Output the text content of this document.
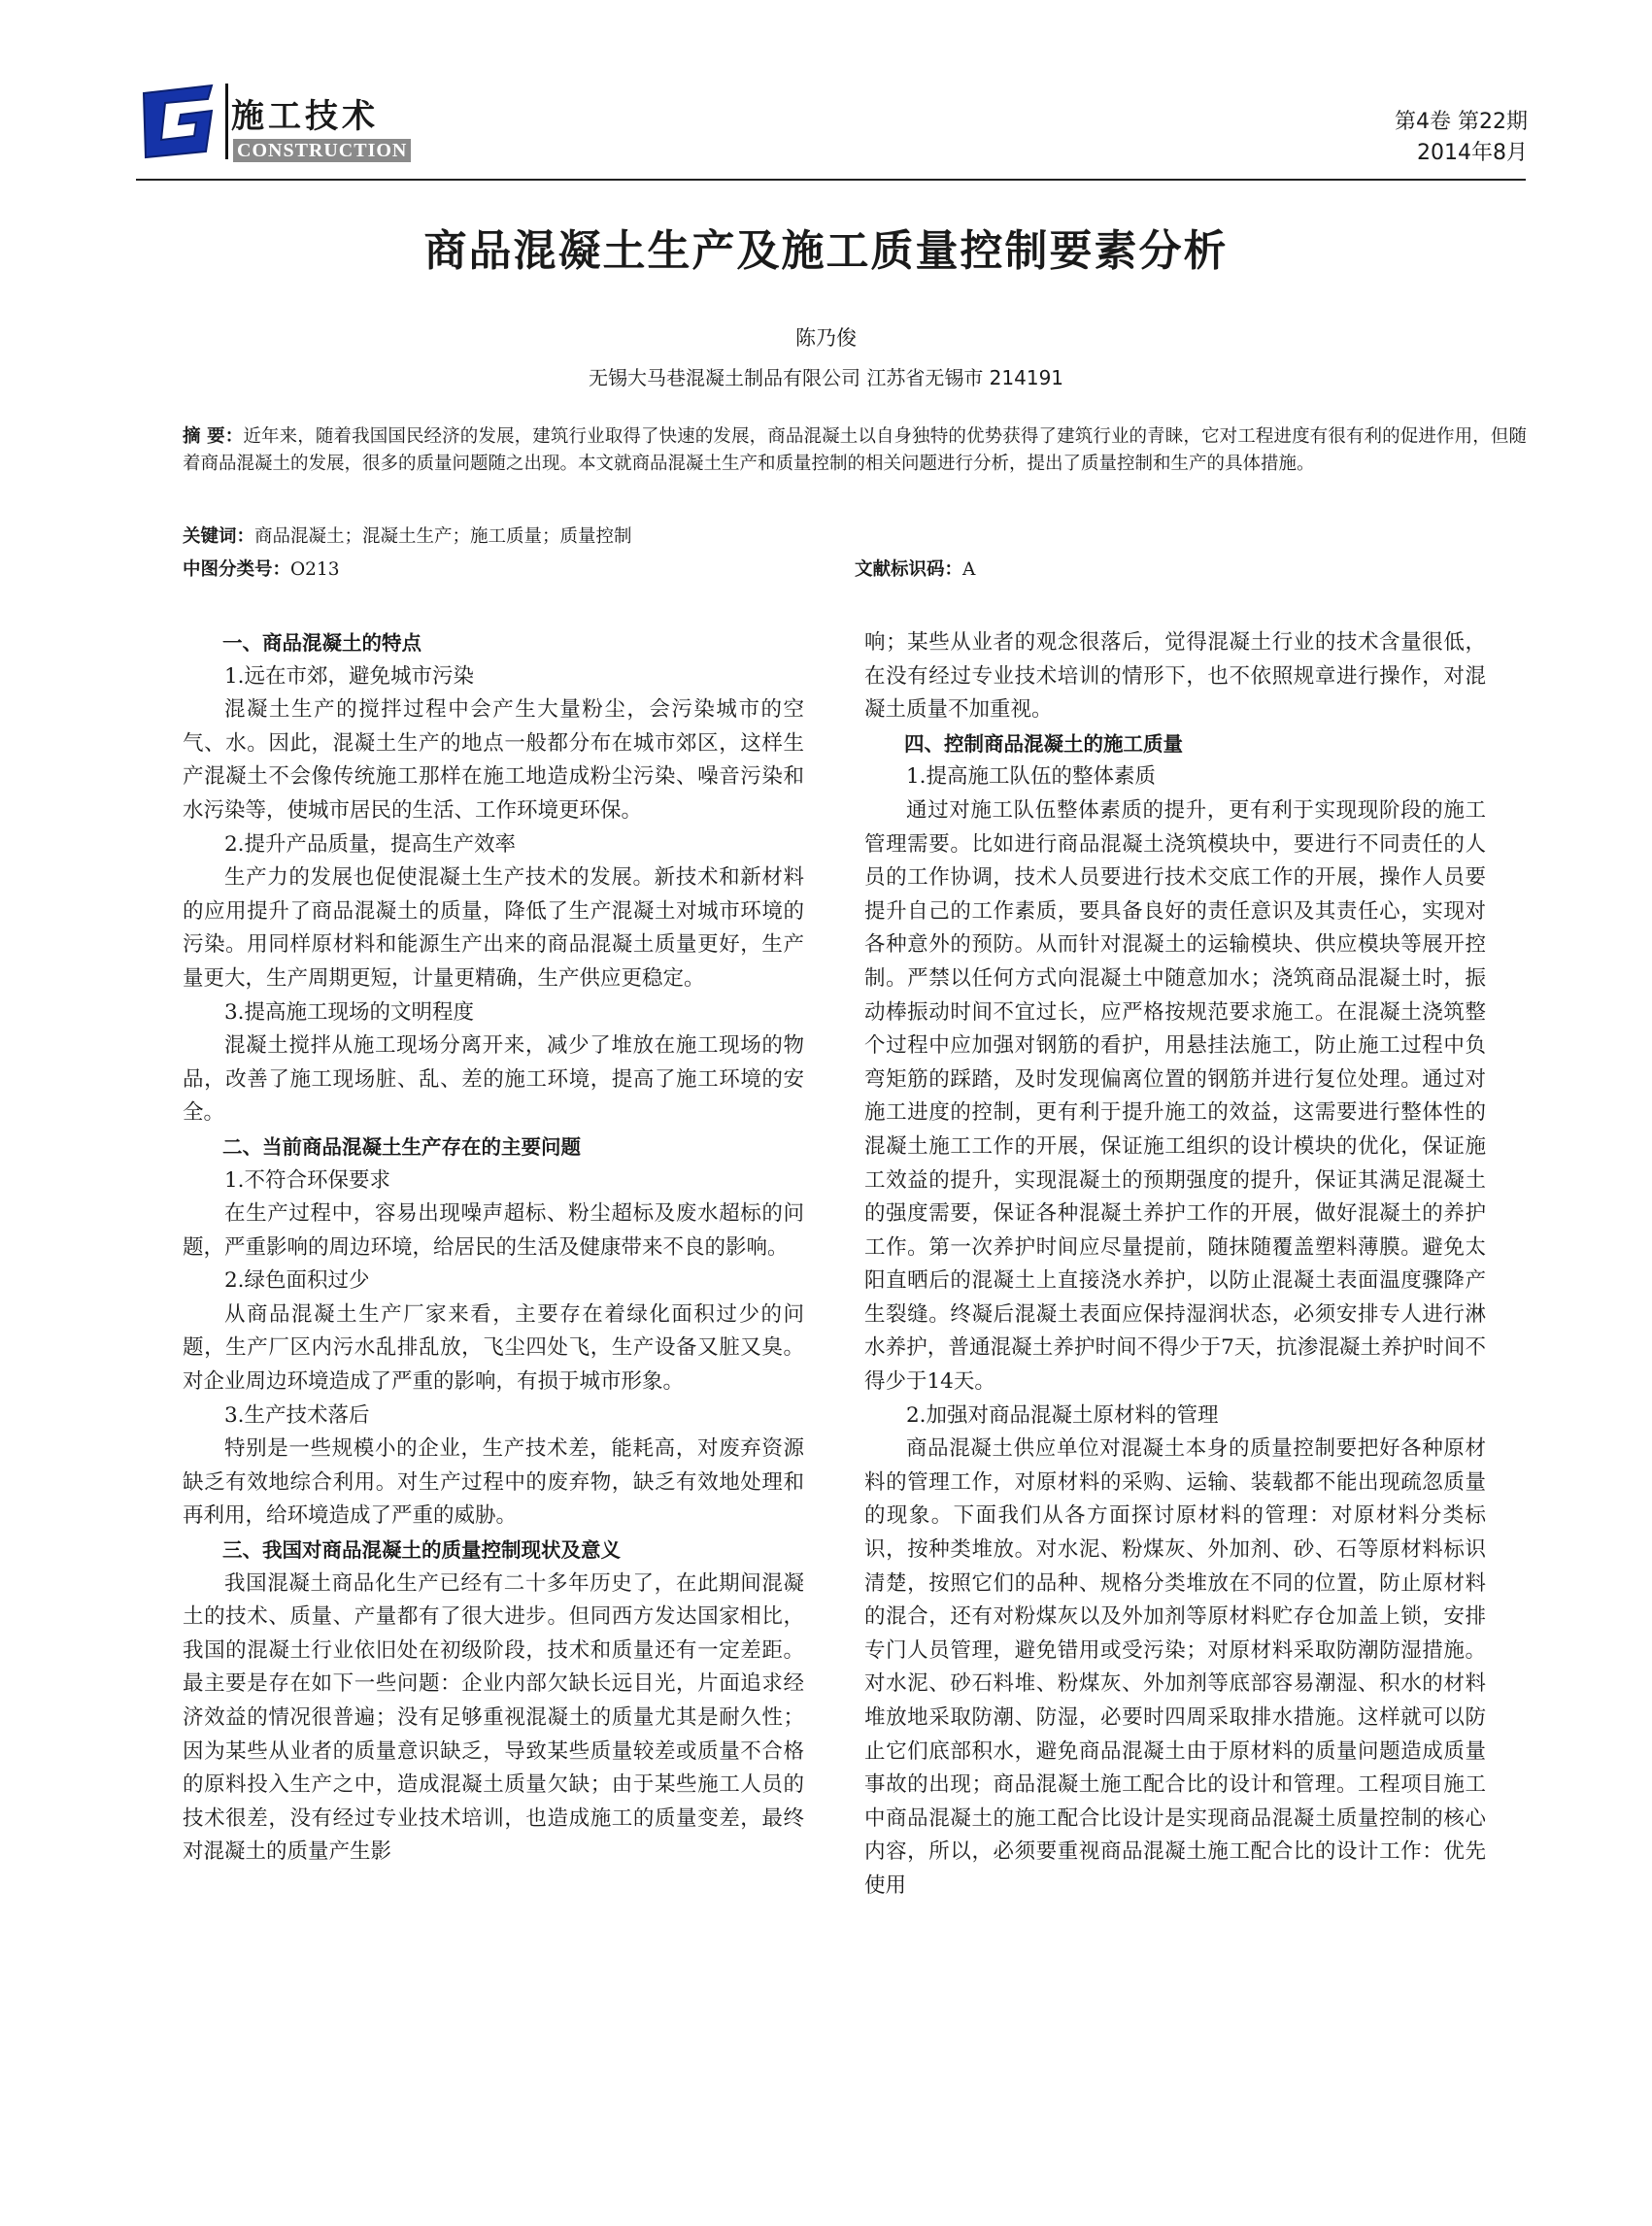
施工技术
CONSTRUCTION
第4卷 第22期
2014年8月
商品混凝土生产及施工质量控制要素分析
陈乃俊
无锡大马巷混凝土制品有限公司 江苏省无锡市 214191
摘 要：近年来，随着我国国民经济的发展，建筑行业取得了快速的发展，商品混凝土以自身独特的优势获得了建筑行业的青睐，它对工程进度有很有利的促进作用，但随着商品混凝土的发展，很多的质量问题随之出现。本文就商品混凝土生产和质量控制的相关问题进行分析，提出了质量控制和生产的具体措施。
关键词：商品混凝土；混凝土生产；施工质量；质量控制
中图分类号：O213	文献标识码：A
一、商品混凝土的特点
1.远在市郊，避免城市污染

混凝土生产的搅拌过程中会产生大量粉尘，会污染城市的空气、水。因此，混凝土生产的地点一般都分布在城市郊区，这样生产混凝土不会像传统施工那样在施工地造成粉尘污染、噪音污染和水污染等，使城市居民的生活、工作环境更环保。

2.提升产品质量，提高生产效率

生产力的发展也促使混凝土生产技术的发展。新技术和新材料的应用提升了商品混凝土的质量，降低了生产混凝土对城市环境的污染。用同样原材料和能源生产出来的商品混凝土质量更好，生产量更大，生产周期更短，计量更精确，生产供应更稳定。

3.提高施工现场的文明程度

混凝土搅拌从施工现场分离开来，减少了堆放在施工现场的物品，改善了施工现场脏、乱、差的施工环境，提高了施工环境的安全。

二、当前商品混凝土生产存在的主要问题
1.不符合环保要求

在生产过程中，容易出现噪声超标、粉尘超标及废水超标的问题，严重影响的周边环境，给居民的生活及健康带来不良的影响。

2.绿色面积过少

从商品混凝土生产厂家来看，主要存在着绿化面积过少的问题，生产厂区内污水乱排乱放，飞尘四处飞，生产设备又脏又臭。对企业周边环境造成了严重的影响，有损于城市形象。

3.生产技术落后

特别是一些规模小的企业，生产技术差，能耗高，对废弃资源缺乏有效地综合利用。对生产过程中的废弃物，缺乏有效地处理和再利用，给环境造成了严重的威胁。

三、我国对商品混凝土的质量控制现状及意义

我国混凝土商品化生产已经有二十多年历史了，在此期间混凝土的技术、质量、产量都有了很大进步。但同西方发达国家相比，我国的混凝土行业依旧处在初级阶段，技术和质量还有一定差距。最主要是存在如下一些问题：企业内部欠缺长远目光，片面追求经济效益的情况很普遍；没有足够重视混凝土的质量尤其是耐久性；因为某些从业者的质量意识缺乏，导致某些质量较差或质量不合格的原料投入生产之中，造成混凝土质量欠缺；由于某些施工人员的技术很差，没有经过专业技术培训，也造成施工的质量变差，最终对混凝土的质量产生影

响；某些从业者的观念很落后，觉得混凝土行业的技术含量很低，在没有经过专业技术培训的情形下，也不依照规章进行操作，对混凝土质量不加重视。

四、控制商品混凝土的施工质量
1.提高施工队伍的整体素质

通过对施工队伍整体素质的提升，更有利于实现现阶段的施工管理需要。比如进行商品混凝土浇筑模块中，要进行不同责任的人员的工作协调，技术人员要进行技术交底工作的开展，操作人员要提升自己的工作素质，要具备良好的责任意识及其责任心，实现对各种意外的预防。从而针对混凝土的运输模块、供应模块等展开控制。严禁以任何方式向混凝土中随意加水；浇筑商品混凝土时，振动棒振动时间不宜过长，应严格按规范要求施工。在混凝土浇筑整个过程中应加强对钢筋的看护，用悬挂法施工，防止施工过程中负弯矩筋的踩踏，及时发现偏离位置的钢筋并进行复位处理。通过对施工进度的控制，更有利于提升施工的效益，这需要进行整体性的混凝土施工工作的开展，保证施工组织的设计模块的优化，保证施工效益的提升，实现混凝土的预期强度的提升，保证其满足混凝土的强度需要，保证各种混凝土养护工作的开展，做好混凝土的养护工作。第一次养护时间应尽量提前，随抹随覆盖塑料薄膜。避免太阳直晒后的混凝土上直接浇水养护，以防止混凝土表面温度骤降产生裂缝。终凝后混凝土表面应保持湿润状态，必须安排专人进行淋水养护，普通混凝土养护时间不得少于7天，抗渗混凝土养护时间不得少于14天。

2.加强对商品混凝土原材料的管理

商品混凝土供应单位对混凝土本身的质量控制要把好各种原材料的管理工作，对原材料的采购、运输、装载都不能出现疏忽质量的现象。下面我们从各方面探讨原材料的管理：对原材料分类标识，按种类堆放。对水泥、粉煤灰、外加剂、砂、石等原材料标识清楚，按照它们的品种、规格分类堆放在不同的位置，防止原材料的混合，还有对粉煤灰以及外加剂等原材料贮存仓加盖上锁，安排专门人员管理，避免错用或受污染；对原材料采取防潮防湿措施。对水泥、砂石料堆、粉煤灰、外加剂等底部容易潮湿、积水的材料堆放地采取防潮、防湿，必要时四周采取排水措施。这样就可以防止它们底部积水，避免商品混凝土由于原材料的质量问题造成质量事故的出现；商品混凝土施工配合比的设计和管理。工程项目施工中商品混凝土的施工配合比设计是实现商品混凝土质量控制的核心内容，所以，必须要重视商品混凝土施工配合比的设计工作：优先使用
